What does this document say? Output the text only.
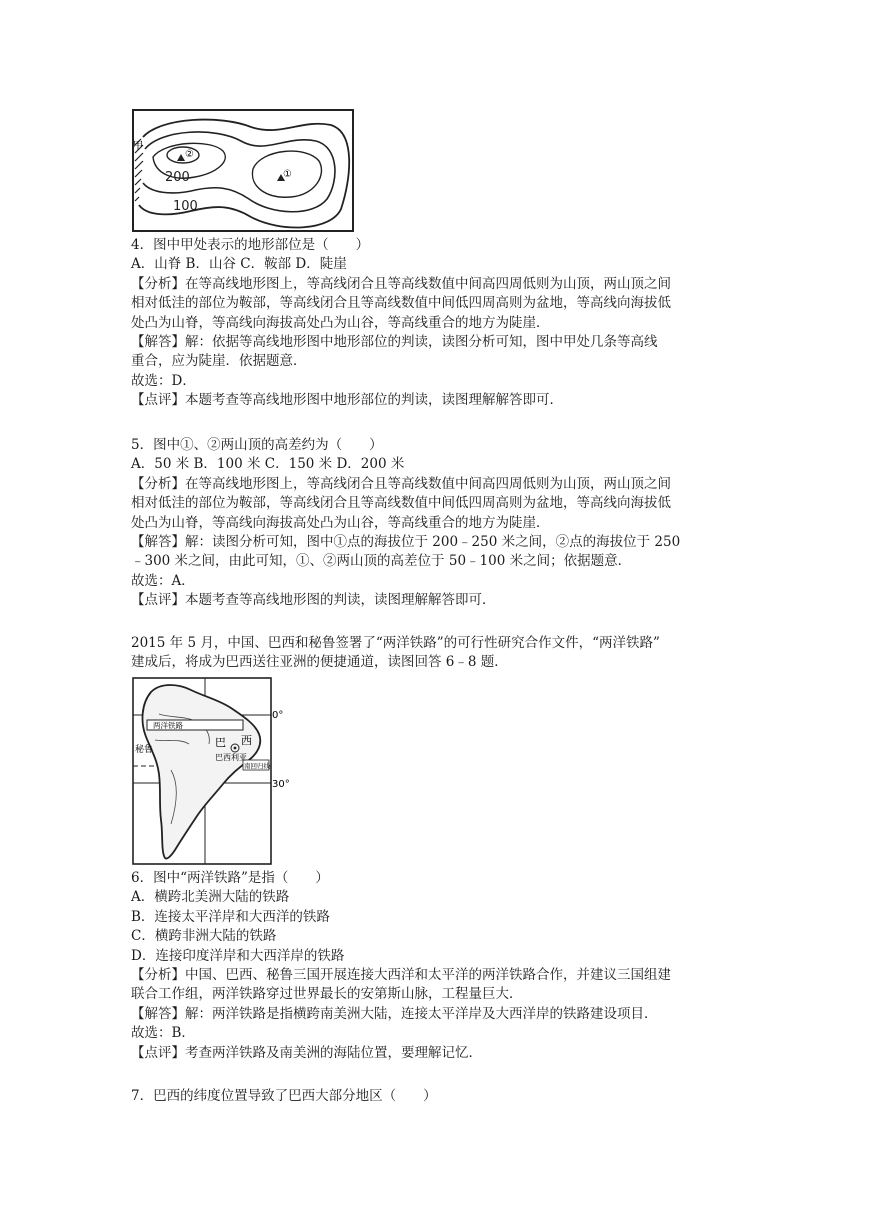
甲
②
①
200
100

4．图中甲处表示的地形部位是（　　）

A．山脊 B．山谷 C．鞍部 D．陡崖

【分析】在等高线地形图上，等高线闭合且等高线数值中间高四周低则为山顶，两山顶之间

相对低洼的部位为鞍部，等高线闭合且等高线数值中间低四周高则为盆地，等高线向海拔低

处凸为山脊，等高线向海拔高处凸为山谷，等高线重合的地方为陡崖．

【解答】解：依据等高线地形图中地形部位的判读，读图分析可知，图中甲处几条等高线

重合，应为陡崖．依据题意．

故选：D．

【点评】本题考查等高线地形图中地形部位的判读，读图理解解答即可．

5．图中①、②两山顶的高差约为（　　）

A．50 米 B．100 米 C．150 米 D．200 米

【分析】在等高线地形图上，等高线闭合且等高线数值中间高四周低则为山顶，两山顶之间

相对低洼的部位为鞍部，等高线闭合且等高线数值中间低四周高则为盆地，等高线向海拔低

处凸为山脊，等高线向海拔高处凸为山谷，等高线重合的地方为陡崖．

【解答】解：读图分析可知，图中①点的海拔位于 200﹣250 米之间，②点的海拔位于 250

﹣300 米之间，由此可知，①、②两山顶的高差位于 50﹣100 米之间；依据题意．

故选：A．

【点评】本题考查等高线地形图的判读，读图理解解答即可．

2015 年 5 月，中国、巴西和秘鲁签署了“两洋铁路”的可行性研究合作文件，“两洋铁路”

建成后，将成为巴西送往亚洲的便捷通道，读图回答 6﹣8 题．

两洋铁路
南回归线
秘鲁
巴 西
巴西利亚
0°
30°

6．图中“两洋铁路”是指（　　）

A．横跨北美洲大陆的铁路

B．连接太平洋岸和大西洋的铁路

C．横跨非洲大陆的铁路

D．连接印度洋岸和大西洋岸的铁路

【分析】中国、巴西、秘鲁三国开展连接大西洋和太平洋的两洋铁路合作，并建议三国组建

联合工作组，两洋铁路穿过世界最长的安第斯山脉，工程量巨大．

【解答】解：两洋铁路是指横跨南美洲大陆，连接太平洋岸及大西洋岸的铁路建设项目．

故选：B．

【点评】考查两洋铁路及南美洲的海陆位置，要理解记忆．

7．巴西的纬度位置导致了巴西大部分地区（　　）
